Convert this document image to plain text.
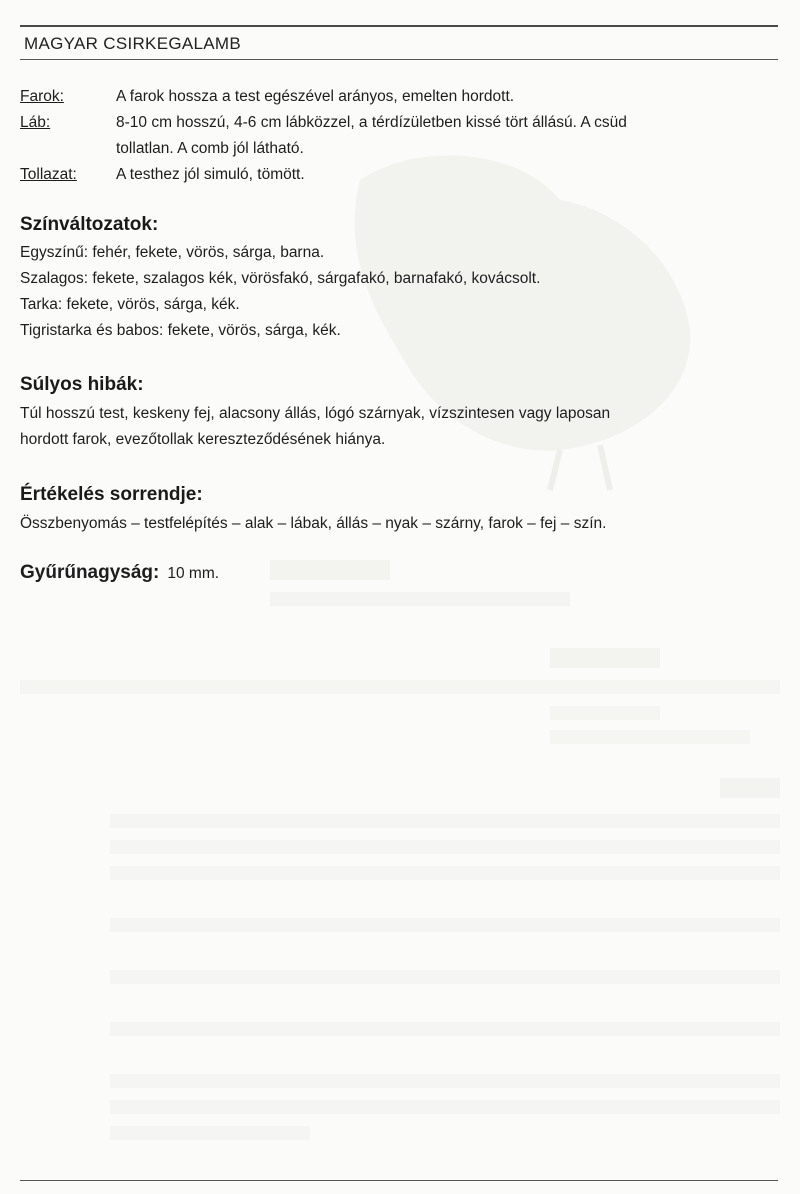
MAGYAR CSIRKEGALAMB
Farok:	A farok hossza a test egészével arányos, emelten hordott.
Láb:	8-10 cm hosszú, 4-6 cm lábközzel, a térdízületben kissé tört állású. A csüd
tollatlan. A comb jól látható.
Tollazat:	A testhez jól simuló, tömött.
Színváltozatok:
Egyszínű: fehér, fekete, vörös, sárga, barna.
Szalagos: fekete, szalagos kék, vörösfakó, sárgafakó, barnafakó, kovácsolt.
Tarka: fekete, vörös, sárga, kék.
Tigristarka és babos: fekete, vörös, sárga, kék.
Súlyos hibák:
Túl hosszú test, keskeny fej, alacsony állás, lógó szárnyak, vízszintesen vagy laposan
hordott farok, evezőtollak kereszteződésének hiánya.
Értékelés sorrendje:
Összbenyomás – testfelépítés – alak – lábak, állás – nyak – szárny, farok – fej – szín.
Gyűrűnagyság: 10 mm.
